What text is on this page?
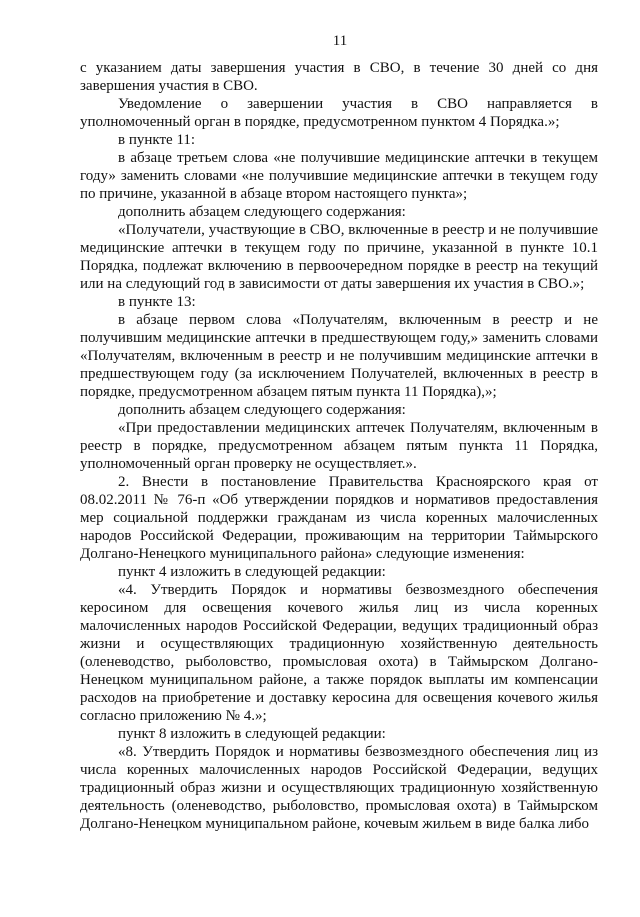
11

с указанием даты завершения участия в СВО, в течение 30 дней со дня завершения участия в СВО.

Уведомление о завершении участия в СВО направляется в уполномоченный орган в порядке, предусмотренном пунктом 4 Порядка.»;

в пункте 11:

в абзаце третьем слова «не получившие медицинские аптечки в текущем году» заменить словами «не получившие медицинские аптечки в текущем году по причине, указанной в абзаце втором настоящего пункта»;

дополнить абзацем следующего содержания:

«Получатели, участвующие в СВО, включенные в реестр и не получившие медицинские аптечки в текущем году по причине, указанной в пункте 10.1 Порядка, подлежат включению в первоочередном порядке в реестр на текущий или на следующий год в зависимости от даты завершения их участия в СВО.»;

в пункте 13:

в абзаце первом слова «Получателям, включенным в реестр и не получившим медицинские аптечки в предшествующем году,» заменить словами «Получателям, включенным в реестр и не получившим медицинские аптечки в предшествующем году (за исключением Получателей, включенных в реестр в порядке, предусмотренном абзацем пятым пункта 11 Порядка),»;

дополнить абзацем следующего содержания:

«При предоставлении медицинских аптечек Получателям, включенным в реестр в порядке, предусмотренном абзацем пятым пункта 11 Порядка, уполномоченный орган проверку не осуществляет.».

2. Внести в постановление Правительства Красноярского края от 08.02.2011 № 76-п «Об утверждении порядков и нормативов предоставления мер социальной поддержки гражданам из числа коренных малочисленных народов Российской Федерации, проживающим на территории Таймырского Долгано-Ненецкого муниципального района» следующие изменения:

пункт 4 изложить в следующей редакции:

«4. Утвердить Порядок и нормативы безвозмездного обеспечения керосином для освещения кочевого жилья лиц из числа коренных малочисленных народов Российской Федерации, ведущих традиционный образ жизни и осуществляющих традиционную хозяйственную деятельность (оленеводство, рыболовство, промысловая охота) в Таймырском Долгано-Ненецком муниципальном районе, а также порядок выплаты им компенсации расходов на приобретение и доставку керосина для освещения кочевого жилья согласно приложению № 4.»;

пункт 8 изложить в следующей редакции:

«8. Утвердить Порядок и нормативы безвозмездного обеспечения лиц из числа коренных малочисленных народов Российской Федерации, ведущих традиционный образ жизни и осуществляющих традиционную хозяйственную деятельность (оленеводство, рыболовство, промысловая охота) в Таймырском Долгано-Ненецком муниципальном районе, кочевым жильем в виде балка либо
